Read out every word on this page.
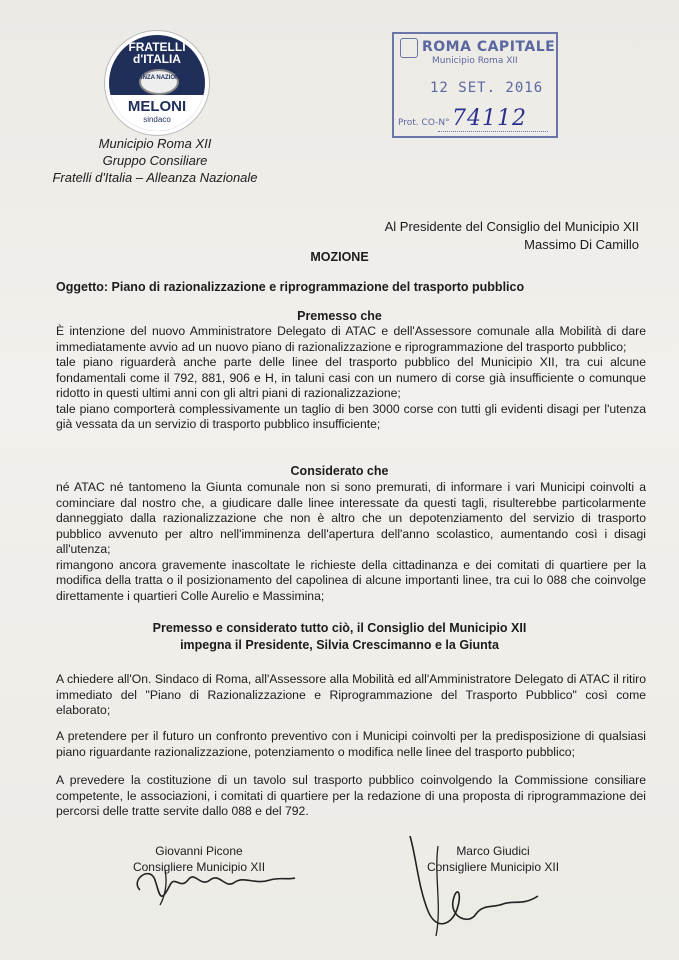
FRATELLI d'ITALIA
ALLEANZA NAZIONALE
MELONI
sindaco
Municipio Roma XII
Gruppo Consiliare
Fratelli d'Italia – Alleanza Nazionale
ROMA CAPITALE
Municipio Roma XII
12 SET. 2016
Prot. CO-N° 74112
Al Presidente del Consiglio del Municipio XII
Massimo Di Camillo
MOZIONE
Oggetto: Piano di razionalizzazione e riprogrammazione del trasporto pubblico
Premesso che
È intenzione del nuovo Amministratore Delegato di ATAC e dell'Assessore comunale alla Mobilità di dare immediatamente avvio ad un nuovo piano di razionalizzazione e riprogrammazione del trasporto pubblico;
tale piano riguarderà anche parte delle linee del trasporto pubblico del Municipio XII, tra cui alcune fondamentali come il 792, 881, 906 e H, in taluni casi con un numero di corse già insufficiente o comunque ridotto in questi ultimi anni con gli altri piani di razionalizzazione;
tale piano comporterà complessivamente un taglio di ben 3000 corse con tutti gli evidenti disagi per l'utenza già vessata da un servizio di trasporto pubblico insufficiente;
Considerato che
né ATAC né tantomeno la Giunta comunale non si sono premurati, di informare i vari Municipi coinvolti a cominciare dal nostro che, a giudicare dalle linee interessate da questi tagli, risulterebbe particolarmente danneggiato dalla razionalizzazione che non è altro che un depotenziamento del servizio di trasporto pubblico avvenuto per altro nell'imminenza dell'apertura dell'anno scolastico, aumentando così i disagi all'utenza;
rimangono ancora gravemente inascoltate le richieste della cittadinanza e dei comitati di quartiere per la modifica della tratta o il posizionamento del capolinea di alcune importanti linee, tra cui lo 088 che coinvolge direttamente i quartieri Colle Aurelio e Massimina;
Premesso e considerato tutto ciò, il Consiglio del Municipio XII
impegna il Presidente, Silvia Crescimanno e la Giunta
A chiedere all'On. Sindaco di Roma, all'Assessore alla Mobilità ed all'Amministratore Delegato di ATAC il ritiro immediato del "Piano di Razionalizzazione e Riprogrammazione del Trasporto Pubblico" così come elaborato;
A pretendere per il futuro un confronto preventivo con i Municipi coinvolti per la predisposizione di qualsiasi piano riguardante razionalizzazione, potenziamento o modifica nelle linee del trasporto pubblico;
A prevedere la costituzione di un tavolo sul trasporto pubblico coinvolgendo la Commissione consiliare competente, le associazioni, i comitati di quartiere per la redazione di una proposta di riprogrammazione dei percorsi delle tratte servite dallo 088 e del 792.
Giovanni Picone
Consigliere Municipio XII
Marco Giudici
Consigliere Municipio XII
